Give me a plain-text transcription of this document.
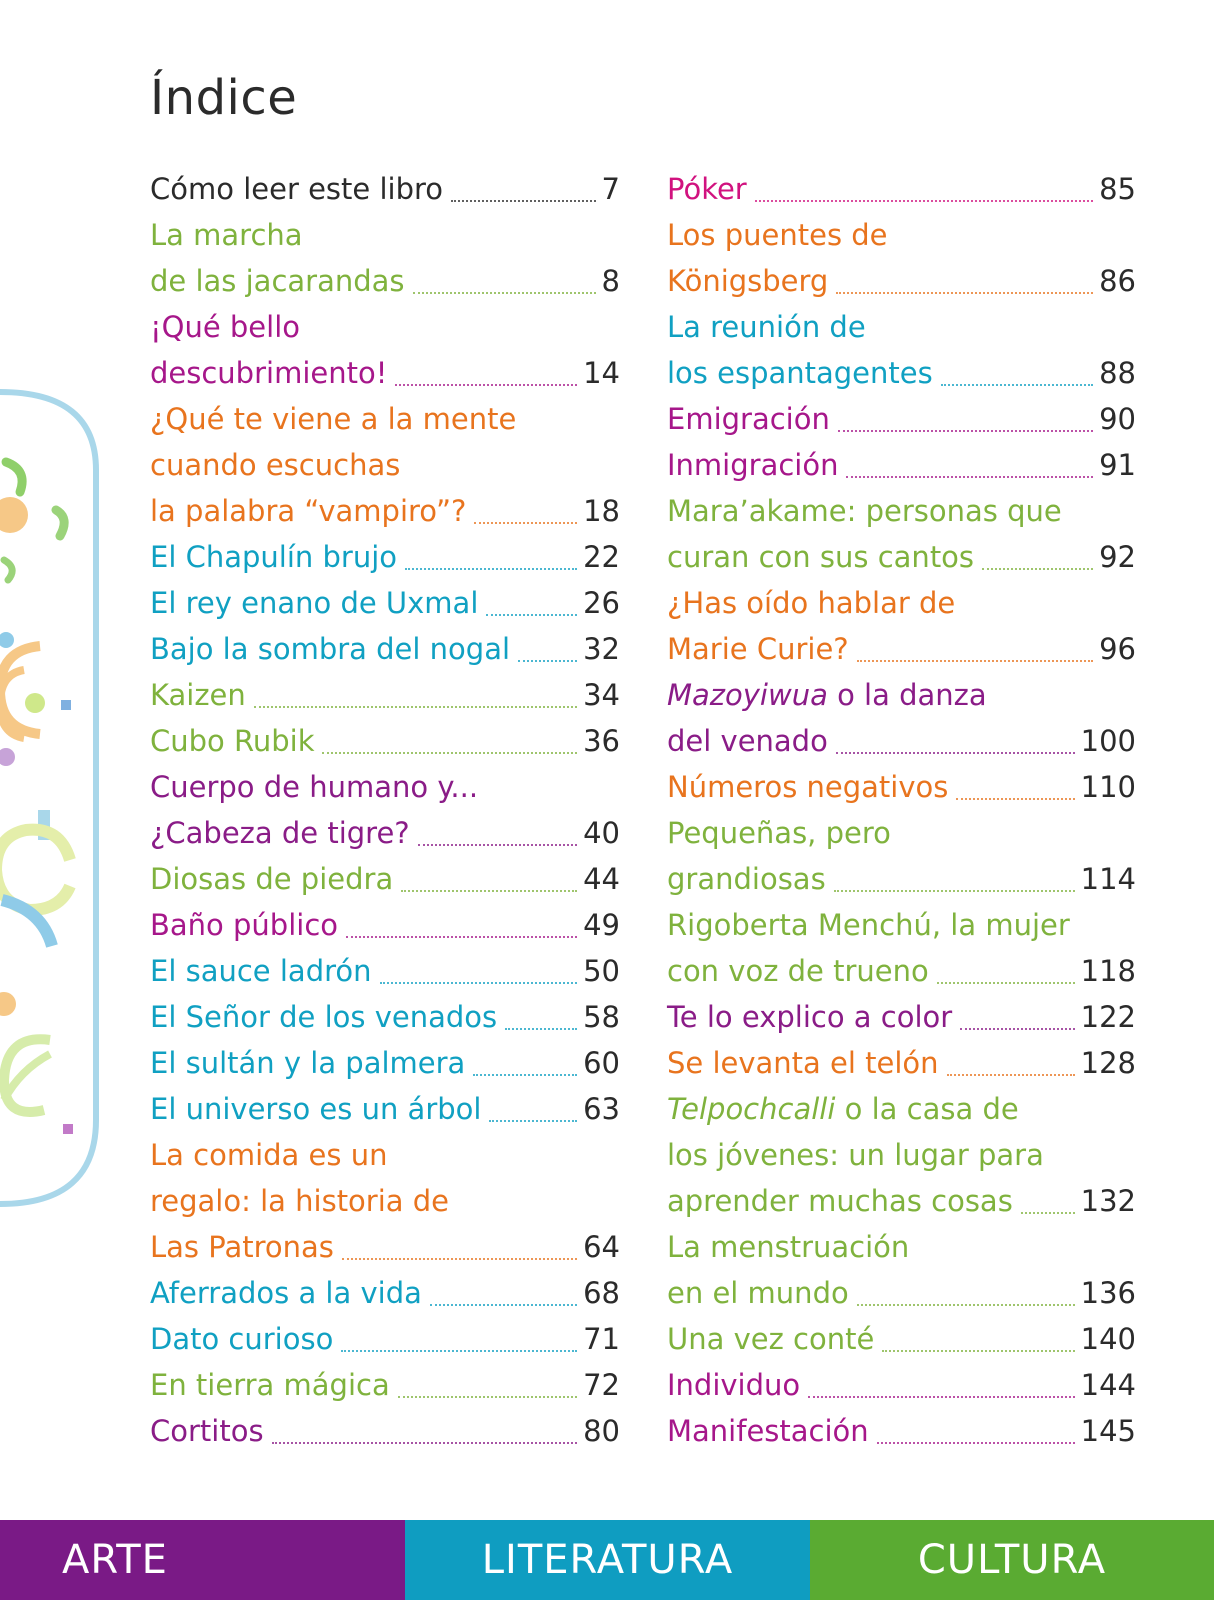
Índice
Cómo leer este libro	7
La marcha
de las jacarandas	8
¡Qué bello
descubrimiento!	14
¿Qué te viene a la mente
cuando escuchas
la palabra “vampiro”?	18
El Chapulín brujo	22
El rey enano de Uxmal	26
Bajo la sombra del nogal	32
Kaizen	34
Cubo Rubik	36
Cuerpo de humano y...
¿Cabeza de tigre?	40
Diosas de piedra	44
Baño público	49
El sauce ladrón	50
El Señor de los venados	58
El sultán y la palmera	60
El universo es un árbol	63
La comida es un
regalo: la historia de
Las Patronas	64
Aferrados a la vida	68
Dato curioso	71
En tierra mágica	72
Cortitos	80
Póker	85
Los puentes de
Königsberg	86
La reunión de
los espantagentes	88
Emigración	90
Inmigración	91
Mara’akame: personas que
curan con sus cantos	92
¿Has oído hablar de
Marie Curie?	96
Mazoyiwua o la danza
del venado	100
Números negativos	110
Pequeñas, pero
grandiosas	114
Rigoberta Menchú, la mujer
con voz de trueno	118
Te lo explico a color	122
Se levanta el telón	128
Telpochcalli o la casa de
los jóvenes: un lugar para
aprender muchas cosas 132
La menstruación
en el mundo	136
Una vez conté	140
Individuo	144
Manifestación	145
ARTE	LITERATURA	CULTURA
